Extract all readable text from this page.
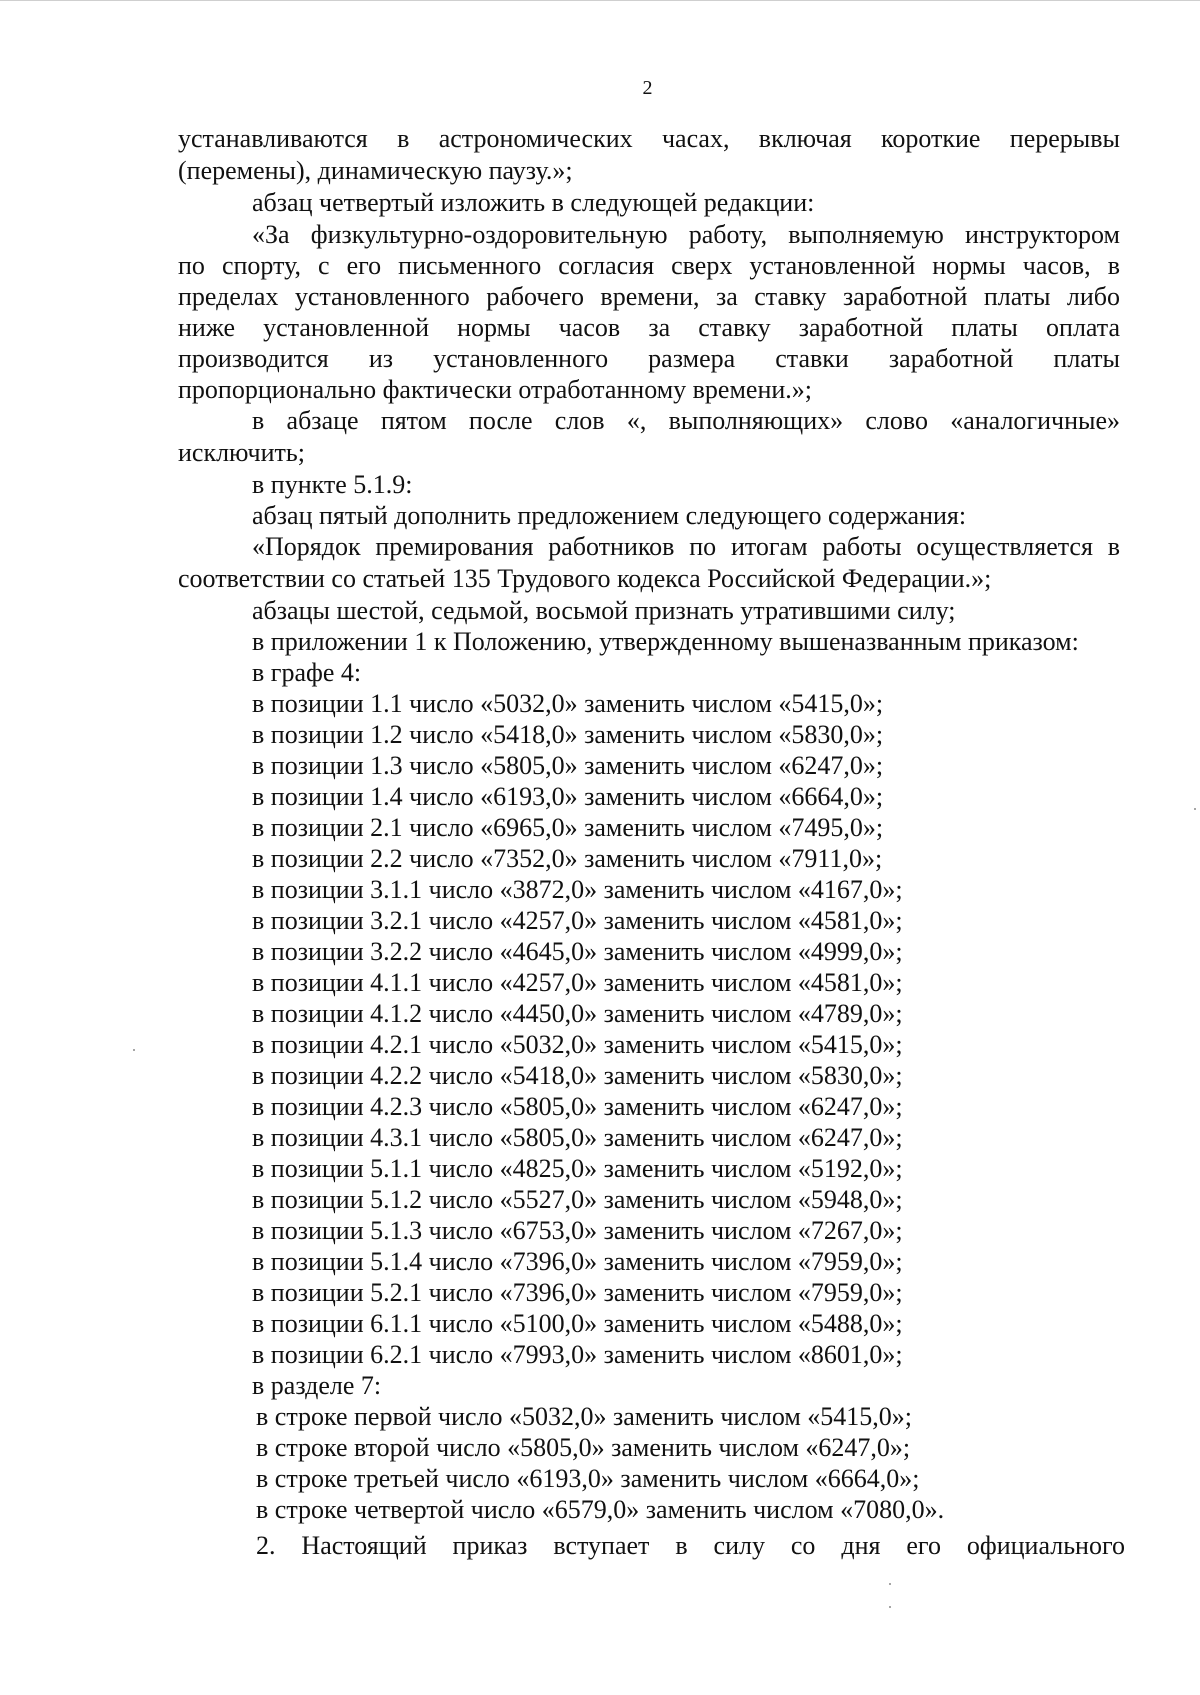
2
устанавливаются в астрономических часах, включая короткие перерывы
(перемены), динамическую паузу.»;
абзац четвертый изложить в следующей редакции:
«За физкультурно-оздоровительную работу, выполняемую инструктором
по спорту, с его письменного согласия сверх установленной нормы часов, в
пределах установленного рабочего времени, за ставку заработной платы либо
ниже установленной нормы часов за ставку заработной платы оплата
производится из установленного размера ставки заработной платы
пропорционально фактически отработанному времени.»;
в абзаце пятом после слов «, выполняющих» слово «аналогичные»
исключить;
в пункте 5.1.9:
абзац пятый дополнить предложением следующего содержания:
«Порядок премирования работников по итогам работы осуществляется в
соответствии со статьей 135 Трудового кодекса Российской Федерации.»;
абзацы шестой, седьмой, восьмой признать утратившими силу;
в приложении 1 к Положению, утвержденному вышеназванным приказом:
в графе 4:
в позиции 1.1 число «5032,0» заменить числом «5415,0»;
в позиции 1.2 число «5418,0» заменить числом «5830,0»;
в позиции 1.3 число «5805,0» заменить числом «6247,0»;
в позиции 1.4 число «6193,0» заменить числом «6664,0»;
в позиции 2.1 число «6965,0» заменить числом «7495,0»;
в позиции 2.2 число «7352,0» заменить числом «7911,0»;
в позиции 3.1.1 число «3872,0» заменить числом «4167,0»;
в позиции 3.2.1 число «4257,0» заменить числом «4581,0»;
в позиции 3.2.2 число «4645,0» заменить числом «4999,0»;
в позиции 4.1.1 число «4257,0» заменить числом «4581,0»;
в позиции 4.1.2 число «4450,0» заменить числом «4789,0»;
в позиции 4.2.1 число «5032,0» заменить числом «5415,0»;
в позиции 4.2.2 число «5418,0» заменить числом «5830,0»;
в позиции 4.2.3 число «5805,0» заменить числом «6247,0»;
в позиции 4.3.1 число «5805,0» заменить числом «6247,0»;
в позиции 5.1.1 число «4825,0» заменить числом «5192,0»;
в позиции 5.1.2 число «5527,0» заменить числом «5948,0»;
в позиции 5.1.3 число «6753,0» заменить числом «7267,0»;
в позиции 5.1.4 число «7396,0» заменить числом «7959,0»;
в позиции 5.2.1 число «7396,0» заменить числом «7959,0»;
в позиции 6.1.1 число «5100,0» заменить числом «5488,0»;
в позиции 6.2.1 число «7993,0» заменить числом «8601,0»;
в разделе 7:
в строке первой число «5032,0» заменить числом «5415,0»;
в строке второй число «5805,0» заменить числом «6247,0»;
в строке третьей число «6193,0» заменить числом «6664,0»;
в строке четвертой число «6579,0» заменить числом «7080,0».
2. Настоящий приказ вступает в силу со дня его официального
